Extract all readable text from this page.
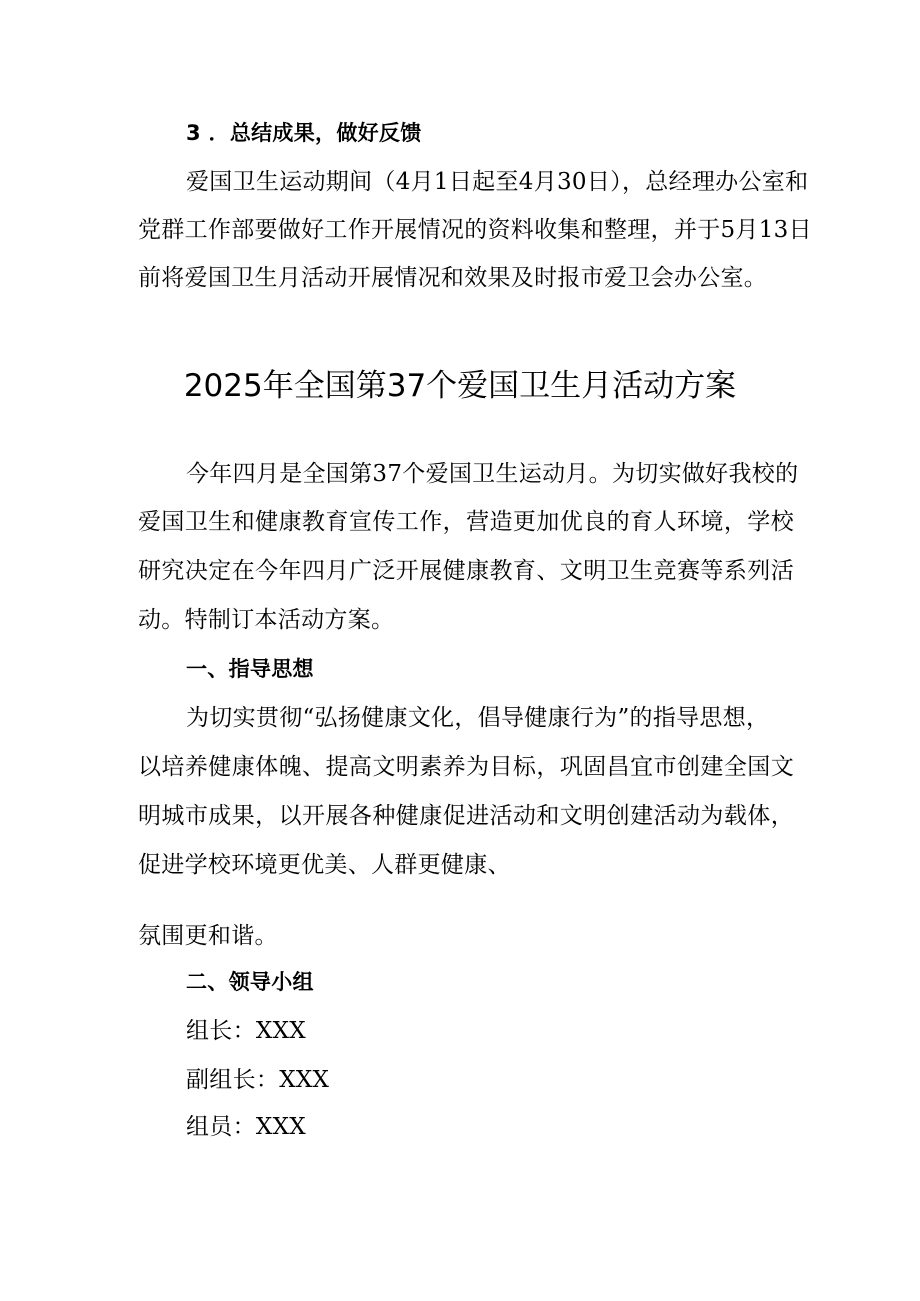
3 ．总结成果，做好反馈
爱国卫生运动期间（4月1日起至4月30日），总经理办公室和
党群工作部要做好工作开展情况的资料收集和整理，并于5月13日
前将爱国卫生月活动开展情况和效果及时报市爱卫会办公室。
2025年全国第37个爱国卫生月活动方案
今年四月是全国第37个爱国卫生运动月。为切实做好我校的
爱国卫生和健康教育宣传工作，营造更加优良的育人环境，学校
研究决定在今年四月广泛开展健康教育、文明卫生竞赛等系列活
动。特制订本活动方案。
一、指导思想
为切实贯彻“弘扬健康文化，倡导健康行为”的指导思想，
以培养健康体魄、提高文明素养为目标，巩固昌宜市创建全国文
明城市成果，以开展各种健康促进活动和文明创建活动为载体，
促进学校环境更优美、人群更健康、
氛围更和谐。
二、领导小组
组长：XXX
副组长：XXX
组员：XXX
